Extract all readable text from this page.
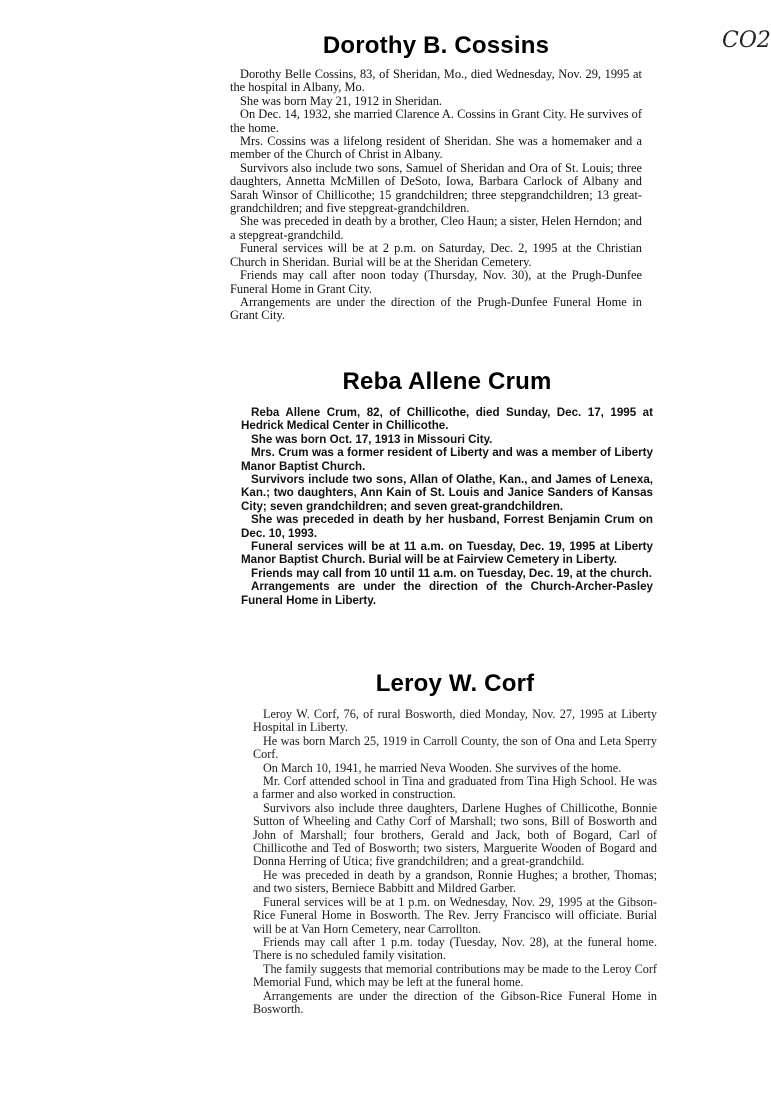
CO2
Dorothy B. Cossins

Dorothy Belle Cossins, 83, of Sheridan, Mo., died Wednesday, Nov. 29, 1995 at the hospital in Albany, Mo.

She was born May 21, 1912 in Sheridan.

On Dec. 14, 1932, she married Clarence A. Cossins in Grant City. He survives of the home.

Mrs. Cossins was a lifelong resident of Sheridan. She was a homemaker and a member of the Church of Christ in Albany.

Survivors also include two sons, Samuel of Sheridan and Ora of St. Louis; three daughters, Annetta McMillen of DeSoto, Iowa, Barbara Carlock of Albany and Sarah Winsor of Chillicothe; 15 grandchildren; three stepgrandchildren; 13 great-grandchildren; and five stepgreat-grandchildren.

She was preceded in death by a brother, Cleo Haun; a sister, Helen Herndon; and a stepgreat-grandchild.

Funeral services will be at 2 p.m. on Saturday, Dec. 2, 1995 at the Christian Church in Sheridan. Burial will be at the Sheridan Cemetery.

Friends may call after noon today (Thursday, Nov. 30), at the Prugh-Dunfee Funeral Home in Grant City.

Arrangements are under the direction of the Prugh-Dunfee Funeral Home in Grant City.

Reba Allene Crum

Reba Allene Crum, 82, of Chillicothe, died Sunday, Dec. 17, 1995 at Hedrick Medical Center in Chillicothe.

She was born Oct. 17, 1913 in Missouri City.

Mrs. Crum was a former resident of Liberty and was a member of Liberty Manor Baptist Church.

Survivors include two sons, Allan of Olathe, Kan., and James of Lenexa, Kan.; two daughters, Ann Kain of St. Louis and Janice Sanders of Kansas City; seven grandchildren; and seven great-grandchildren.

She was preceded in death by her husband, Forrest Benjamin Crum on Dec. 10, 1993.

Funeral services will be at 11 a.m. on Tuesday, Dec. 19, 1995 at Liberty Manor Baptist Church. Burial will be at Fairview Cemetery in Liberty.

Friends may call from 10 until 11 a.m. on Tuesday, Dec. 19, at the church.

Arrangements are under the direction of the Church-Archer-Pasley Funeral Home in Liberty.

Leroy W. Corf

Leroy W. Corf, 76, of rural Bosworth, died Monday, Nov. 27, 1995 at Liberty Hospital in Liberty.

He was born March 25, 1919 in Carroll County, the son of Ona and Leta Sperry Corf.

On March 10, 1941, he married Neva Wooden. She survives of the home.

Mr. Corf attended school in Tina and graduated from Tina High School. He was a farmer and also worked in construction.

Survivors also include three daughters, Darlene Hughes of Chillicothe, Bonnie Sutton of Wheeling and Cathy Corf of Marshall; two sons, Bill of Bosworth and John of Marshall; four brothers, Gerald and Jack, both of Bogard, Carl of Chillicothe and Ted of Bosworth; two sisters, Marguerite Wooden of Bogard and Donna Herring of Utica; five grandchildren; and a great-grandchild.

He was preceded in death by a grandson, Ronnie Hughes; a brother, Thomas; and two sisters, Berniece Babbitt and Mildred Garber.

Funeral services will be at 1 p.m. on Wednesday, Nov. 29, 1995 at the Gibson-Rice Funeral Home in Bosworth. The Rev. Jerry Francisco will officiate. Burial will be at Van Horn Cemetery, near Carrollton.

Friends may call after 1 p.m. today (Tuesday, Nov. 28), at the funeral home. There is no scheduled family visitation.

The family suggests that memorial contributions may be made to the Leroy Corf Memorial Fund, which may be left at the funeral home.

Arrangements are under the direction of the Gibson-Rice Funeral Home in Bosworth.
